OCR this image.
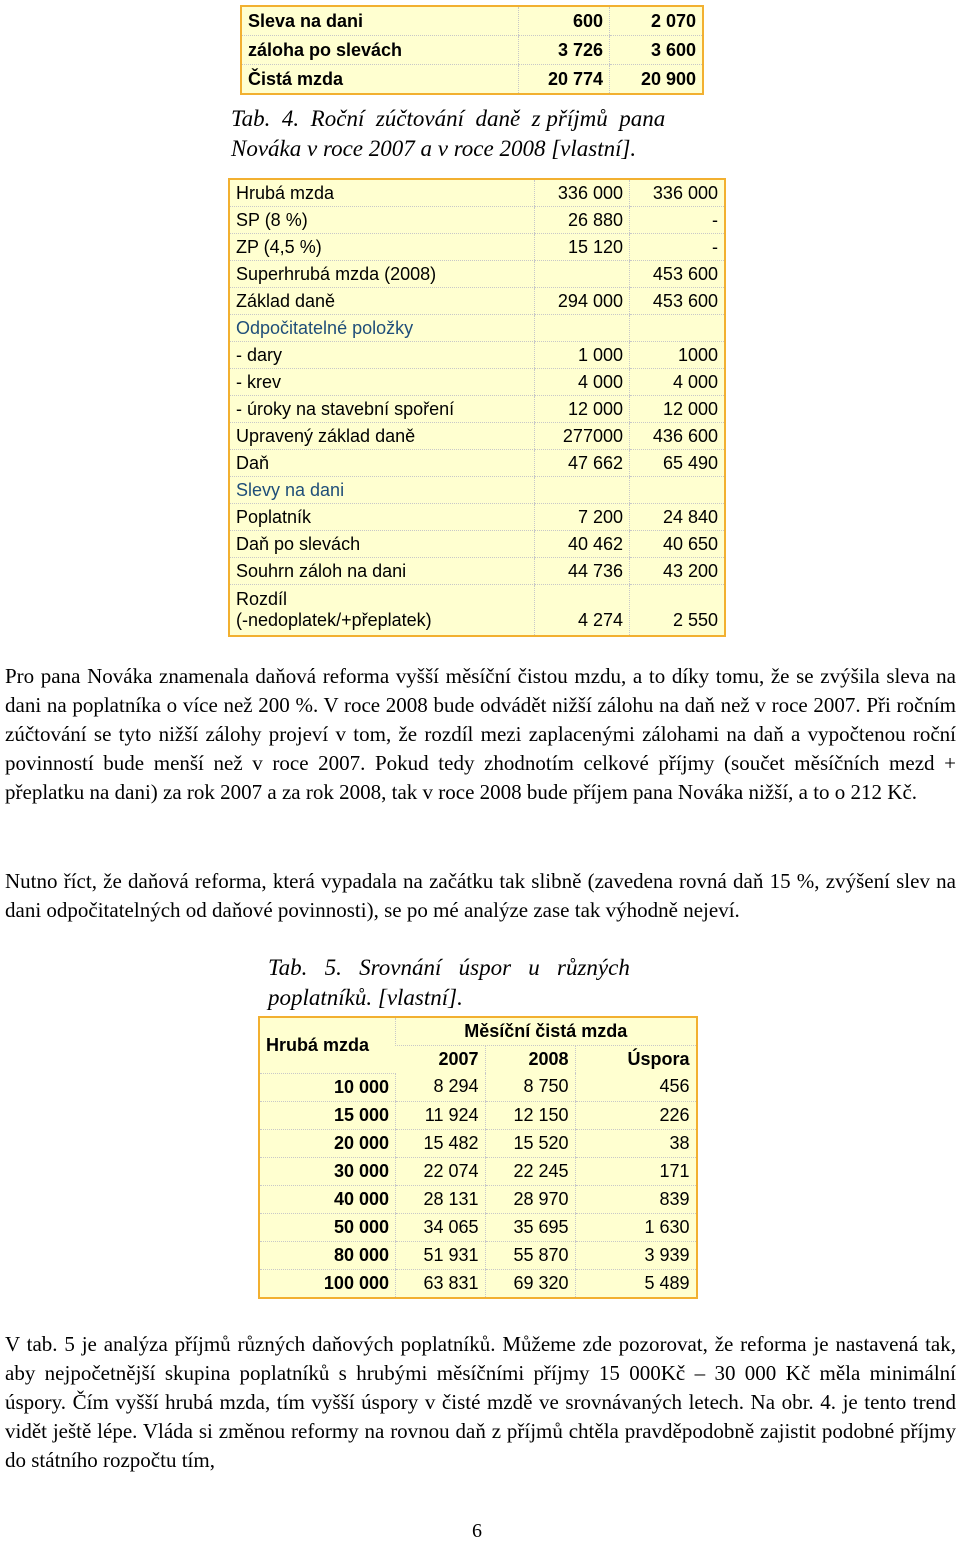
Sleva na dani	600	2 070
záloha po slevách	3 726	3 600
Čistá mzda	20 774	20 900
Tab.  4.  Roční  zúčtování  daně  z příjmů  pana
Nováka v roce 2007 a v roce 2008 [vlastní].
Hrubá mzda	336 000	336 000
SP (8 %)	26 880	-
ZP (4,5 %)	15 120	-
Superhrubá mzda (2008)		453 600
Základ daně	294 000	453 600
Odpočitatelné položky		
- dary	1 000	1000
- krev	4 000	4 000
- úroky na stavební spoření	12 000	12 000
Upravený základ daně	277000	436 600
Daň	47 662	65 490
Slevy na dani		
Poplatník	7 200	24 840
Daň po slevách	40 462	40 650
Souhrn záloh na dani	44 736	43 200

Rozdíl
(-nedoplatek/+přeplatek)	4 274	2 550

Pro pana Nováka znamenala daňová reforma vyšší měsíční čistou mzdu, a to díky tomu, že se zvýšila sleva na dani na poplatníka o více než 200 %. V roce 2008 bude odvádět nižší zálohu na daň než v roce 2007. Při ročním zúčtování se tyto nižší zálohy projeví v tom, že rozdíl mezi zaplacenými zálohami na daň a vypočtenou roční povinností bude menší než v roce 2007. Pokud tedy zhodnotím celkové příjmy (součet měsíčních mezd + přeplatku na dani) za rok 2007 a za rok 2008, tak v roce 2008 bude příjem pana Nováka nižší, a to o 212 Kč.

Nutno říct, že daňová reforma, která vypadala na začátku tak slibně (zavedena rovná daň 15 %, zvýšení slev na dani odpočitatelných od daňové povinnosti), se po mé analýze zase tak výhodně nejeví.

Tab.   5.   Srovnání   úspor   u   různých
poplatníků. [vlastní].
Hrubá mzda	Měsíční čistá mzda		
	2007	2008	Úspora
10 000	8 294	8 750	456
15 000	11 924	12 150	226
20 000	15 482	15 520	38
30 000	22 074	22 245	171
40 000	28 131	28 970	839
50 000	34 065	35 695	1 630
80 000	51 931	55 870	3 939
100 000	63 831	69 320	5 489

V tab. 5 je analýza příjmů různých daňových poplatníků. Můžeme zde pozorovat, že reforma je nastavená tak, aby nejpočetnější skupina poplatníků s hrubými měsíčními příjmy 15 000Kč – 30 000 Kč měla minimální úspory. Čím vyšší hrubá mzda, tím vyšší úspory v čisté mzdě ve srovnávaných letech. Na obr. 4. je tento trend vidět ještě lépe. Vláda si změnou reformy na rovnou daň z příjmů chtěla pravděpodobně zajistit podobné příjmy do státního rozpočtu tím,

6
